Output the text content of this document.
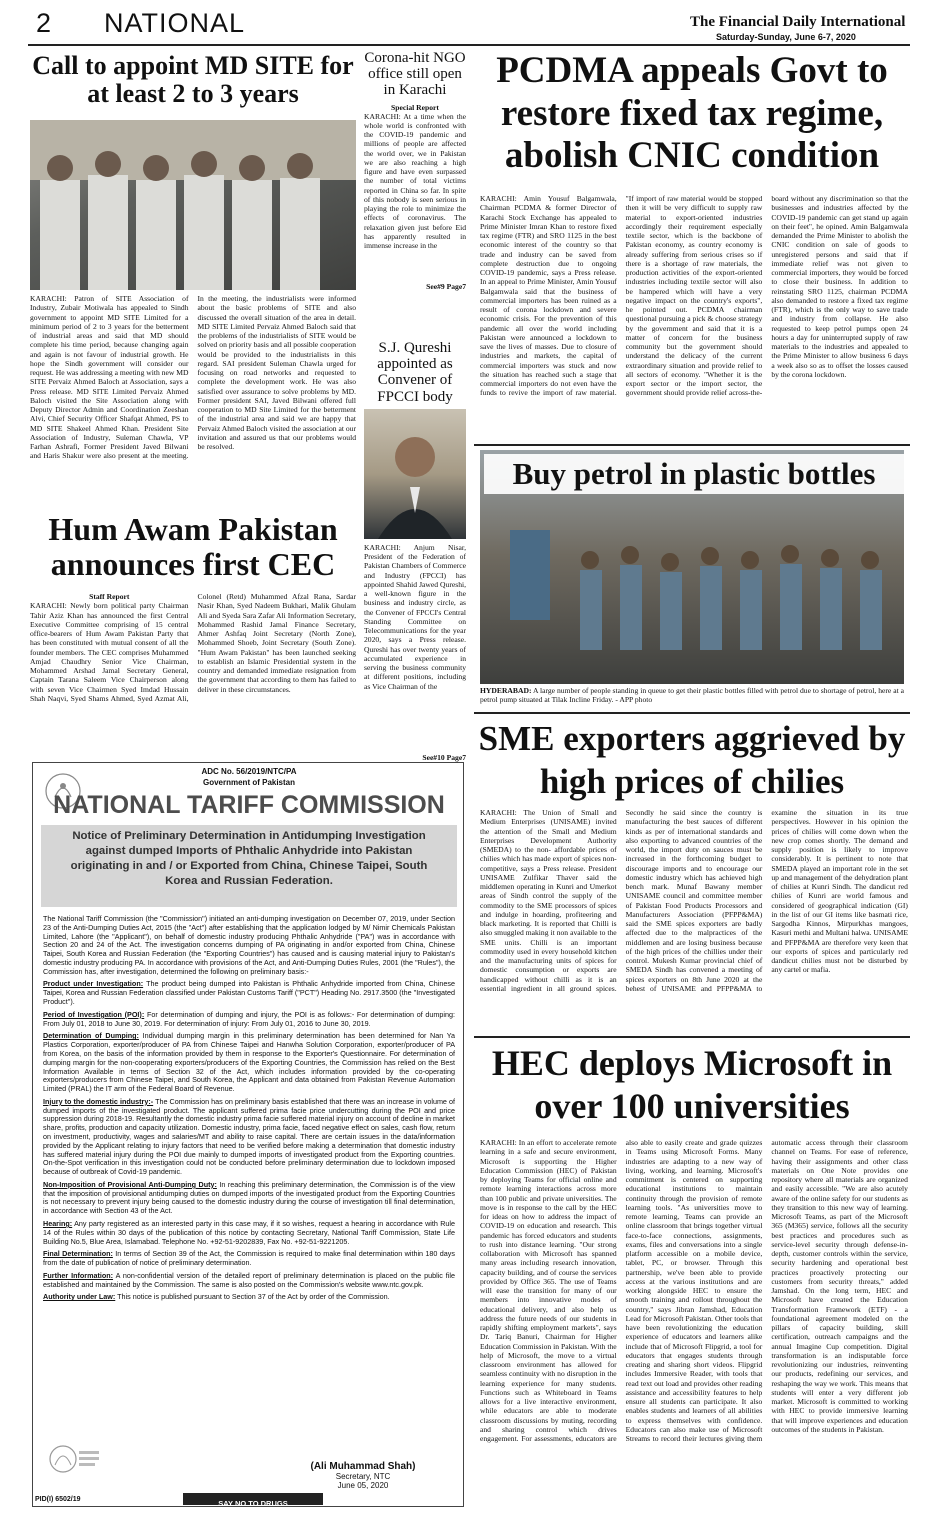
2 NATIONAL	The Financial Daily International
Saturday-Sunday, June 6-7, 2020
Call to appoint MD SITE for at least 2 to 3 years
KARACHI: Patron of SITE Association of Industry, Zubair Motiwala has appealed to Sindh government to appoint MD SITE Limited for a minimum period of 2 to 3 years for the betterment of industrial areas and said that MD should complete his time period, because changing again and again is not favour of industrial growth. He hope the Sindh government will consider our request. He was addressing a meeting with new MD SITE Pervaiz Ahmed Baloch at Association, says a Press release. MD SITE Limited Pervaiz Ahmed Baloch visited the Site Association along with Deputy Director Admin and Coordination Zeeshan Alvi, Chief Security Officer Shafqat Ahmed, PS to MD SITE Shakeel Ahmed Khan. President Site Association of Industry, Suleman Chawla, VP Farhan Ashrafi, Former President Javed Bilwani and Haris Shakur were also present at the meeting. In the meeting, the industrialists were informed about the basic problems of SITE and also discussed the overall situation of the area in detail. MD SITE Limited Pervaiz Ahmed Baloch said that the problems of the industrialists of SITE would be solved on priority basis and all possible cooperation would be provided to the industrialists in this regard. SAI president Suleman Chawla urged for focusing on road networks and requested to complete the development work. He was also satisfied over assurance to solve problems by MD. Former president SAI, Javed Bilwani offered full cooperation to MD Site Limited for the betterment of the industrial area and said we are happy that Pervaiz Ahmed Baloch visited the association at our invitation and assured us that our problems would be resolved.
Corona-hit NGO office still open in Karachi
Special Report
KARACHI: At a time when the whole world is confronted with the COVID-19 pandemic and millions of people are affected the world over, we in Pakistan we are also reaching a high figure and have even surpassed the number of total victims reported in China so far. In spite of this nobody is seen serious in playing the role to minimize the effects of coronavirus. The relaxation given just before Eid has apparently resulted in immense increase in the
See#9 Page7
S.J. Qureshi appointed as Convener of FPCCI body
KARACHI: Anjum Nisar, President of the Federation of Pakistan Chambers of Commerce and Industry (FPCCI) has appointed Shahid Jawed Qureshi, a well-known figure in the business and industry circle, as the Convener of FPCCI's Central Standing Committee on Telecommunications for the year 2020, says a Press release. Qureshi has over twenty years of accumulated experience in serving the business community at different positions, including as Vice Chairman of the
See#10 Page7
Hum Awam Pakistan announces first CEC
Staff Report
KARACHI: Newly born political party Chairman Tahir Aziz Khan has announced the first Central Executive Committee comprising of 15 central office-bearers of Hum Awam Pakistan Party that has been constituted with mutual consent of all the founder members. The CEC comprises Muhammed Amjad Chaudhry Senior Vice Chairman, Mohammed Arshad Jamal Secretary General, Captain Tarana Saleem Vice Chairperson along with seven Vice Chairmen Syed Imdad Hussain Shah Naqvi, Syed Shams Ahmed, Syed Azmat Ali, Colonel (Retd) Muhammed Afzal Rana, Sardar Nasir Khan, Syed Nadeem Bukhari, Malik Ghulam Ali and Syeda Sara Zafar Ali Information Secretary, Mohammed Rashid Jamal Finance Secretary, Ahmer Ashfaq Joint Secretary (North Zone), Mohammed Shoeb, Joint Secretary (South Zone). "Hum Awam Pakistan" has been launched seeking to establish an Islamic Presidential system in the country and demanded immediate resignation from the government that according to them has failed to deliver in these circumstances.
PCDMA appeals Govt to restore fixed tax regime, abolish CNIC condition
KARACHI: Amin Yousuf Balgamwala, Chairman PCDMA & former Director of Karachi Stock Exchange has appealed to Prime Minister Imran Khan to restore fixed tax regime (FTR) and SRO 1125 in the best economic interest of the country so that trade and industry can be saved from complete destruction due to ongoing COVID-19 pandemic, says a Press release. In an appeal to Prime Minister, Amin Yousuf Balgamwala said that the business of commercial importers has been ruined as a result of corona lockdown and severe economic crisis. For the prevention of this pandemic all over the world including Pakistan were announced a lockdown to save the lives of masses. Due to closure of industries and markets, the capital of commercial importers was stuck and now the situation has reached such a stage that commercial importers do not even have the funds to revive the import of raw material. "If import of raw material would be stopped then it will be very difficult to supply raw material to export-oriented industries accordingly their requirement especially textile sector, which is the backbone of Pakistan economy, as country economy is already suffering from serious crises so if there is a shortage of raw materials, the production activities of the export-oriented industries including textile sector will also be hampered which will have a very negative impact on the country's exports", he pointed out. PCDMA chairman questional pursuing a pick & choose strategy by the government and said that it is a matter of concern for the business community but the government should understand the delicacy of the current extraordinary situation and provide relief to all sectors of economy. "Whether it is the export sector or the import sector, the government should provide relief across-the-board without any discrimination so that the businesses and industries affected by the COVID-19 pandemic can get stand up again on their feet", he opined. Amin Balgamwala demanded the Prime Minister to abolish the CNIC condition on sale of goods to unregistered persons and said that if immediate relief was not given to commercial importers, they would be forced to close their business. In addition to reinstating SRO 1125, chairman PCDMA also demanded to restore a fixed tax regime (FTR), which is the only way to save trade and industry from collapse. He also requested to keep petrol pumps open 24 hours a day for uninterrupted supply of raw materials to the industries and appealed to the Prime Minister to allow business 6 days a week also so as to offset the losses caused by the corona lockdown.
Buy petrol in plastic bottles
HYDERABAD: A large number of people standing in queue to get their plastic bottles filled with petrol due to shortage of petrol, here at a petrol pump situated at Tilak Incline Friday. - APP photo
SME exporters aggrieved by high prices of chilies
KARACHI: The Union of Small and Medium Enterprises (UNISAME) invited the attention of the Small and Medium Enterprises Development Authority (SMEDA) to the non- affordable prices of chilies which has made export of spices non-competitive, says a Press release. President UNISAME Zulfikar Thaver said the middlemen operating in Kunri and Umerkot areas of Sindh control the supply of the commodity to the SME processors of spices and indulge in hoarding, profiteering and black marketing. It is reported that Chilli is also smuggled making it non available to the SME units. Chilli is an important commodity used in every household kitchen and the manufacturing units of spices for domestic consumption or exports are handicapped without chilli as it is an essential ingredient in all ground spices. Secondly he said since the country is manufacturing the best sauces of different kinds as per of international standards and also exporting to advanced countries of the world, the import duty on sauces must be increased in the forthcoming budget to discourage imports and to encourage our domestic industry which has achieved high bench mark. Munaf Bawany member UNISAME council and committee member of Pakistan Food Products Processors and Manufacturers Association (PFPP&MA) said the SME spices exporters are badly affected due to the malpractices of the middlemen and are losing business because of the high prices of the chillies under their control. Mukesh Kumar provincial chief of SMEDA Sindh has convened a meeting of spices exporters on 8th June 2020 at the behest of UNISAME and PFPP&MA to examine the situation in its true perspectives. However in his opinion the prices of chilies will come down when the new crop comes shortly. The demand and supply position is likely to improve considerably. It is pertinent to note that SMEDA played an important role in the set up and management of the dehydration plant of chilies at Kunri Sindh. The dandicut red chilies of Kunri are world famous and considered of geographical indication (GI) in the list of our GI items like basmati rice, Sargodha Kinnos, Mirpurkhas mangoes, Kasuri methi and Multani halwa. UNISAME and PFPP&MA are therefore very keen that our exports of spices and particularly red dandicut chilies must not be disturbed by any cartel or mafia.
HEC deploys Microsoft in over 100 universities
KARACHI: In an effort to accelerate remote learning in a safe and secure environment, Microsoft is supporting the Higher Education Commission (HEC) of Pakistan by deploying Teams for official online and remote learning interactions across more than 100 public and private universities. The move is in response to the call by the HEC for ideas on how to address the impact of COVID-19 on education and research. This pandemic has forced educators and students to rush into distance learning. "Our strong collaboration with Microsoft has spanned many areas including research innovation, capacity building, and of course the services provided by Office 365. The use of Teams will ease the transition for many of our members into innovative modes of educational delivery, and also help us address the future needs of our students in rapidly shifting employment markets", says Dr. Tariq Banuri, Chairman for Higher Education Commission in Pakistan. With the help of Microsoft, the move to a virtual classroom environment has allowed for seamless continuity with no disruption in the learning experience for many students. Functions such as Whiteboard in Teams allows for a live interactive environment, while educators are able to moderate classroom discussions by muting, recording and sharing control which drives engagement. For assessments, educators are also able to easily create and grade quizzes in Teams using Microsoft Forms. Many industries are adapting to a new way of living, working, and learning. Microsoft's commitment is centered on supporting educational institutions to maintain continuity through the provision of remote learning tools. "As universities move to remote learning, Teams can provide an online classroom that brings together virtual face-to-face connections, assignments, exams, files and conversations into a single platform accessible on a mobile device, tablet, PC, or browser. Through this partnership, we've been able to provide access at the various institutions and are working alongside HEC to ensure the smooth training and rollout throughout the country," says Jibran Jamshad, Education Lead for Microsoft Pakistan. Other tools that have been revolutionizing the education experience of educators and learners alike include that of Microsoft Flipgrid, a tool for educators that engages students through creating and sharing short videos. Flipgrid includes Immersive Reader, with tools that read text out load and provides other reading assistance and accessibility features to help ensure all students can participate. It also enables students and learners of all abilities to express themselves with confidence. Educators can also make use of Microsoft Streams to record their lectures giving them automatic access through their classroom channel on Teams. For ease of reference, having their assignments and other class materials on One Note provides one repository where all materials are organized and easily accessible. "We are also acutely aware of the online safety for our students as they transition to this new way of learning. Microsoft Teams, as part of the Microsoft 365 (M365) service, follows all the security best practices and procedures such as service-level security through defense-in-depth, customer controls within the service, security hardening and operational best practices proactively protecting our customers from security threats," added Jamshad. On the long term, HEC and Microsoft have created the Education Transformation Framework (ETF) - a foundational agreement modeled on the pillars of capacity building, skill certification, outreach campaigns and the annual Imagine Cup competition. Digital transformation is an indisputable force revolutionizing our industries, reinventing our products, redefining our services, and reshaping the way we work. This means that students will enter a very different job market. Microsoft is committed to working with HEC to provide immersive learning that will improve experiences and education outcomes of the students in Pakistan.
ADC No. 56/2019/NTC/PA
Government of Pakistan
NATIONAL TARIFF COMMISSION
Notice of Preliminary Determination in Antidumping Investigation against dumped Imports of Phthalic Anhydride into Pakistan originating in and / or Exported from China, Chinese Taipei, South Korea and Russian Federation.

The National Tariff Commission (the "Commission") initiated an anti-dumping investigation on December 07, 2019, under Section 23 of the Anti-Dumping Duties Act, 2015 (the "Act") after establishing that the application lodged by M/ Nimir Chemicals Pakistan Limited, Lahore (the "Applicant"), on behalf of domestic industry producing Phthalic Anhydride ("PA") was in accordance with Section 20 and 24 of the Act. The investigation concerns dumping of PA originating in and/or exported from China, Chinese Taipei, South Korea and Russian Federation (the "Exporting Countries") has caused and is causing material injury to Pakistan's domestic industry producing PA. In accordance with provisions of the Act, and Anti-Dumping Duties Rules, 2001 (the "Rules"), the Commission has, after investigation, determined the following on preliminary basis:-

Product under Investigation: The product being dumped into Pakistan is Phthalic Anhydride imported from China, Chinese Taipei, Korea and Russian Federation classified under Pakistan Customs Tariff ("PCT") Heading No. 2917.3500 (the "Investigated Product").

Period of Investigation (POI): For determination of dumping and injury, the POI is as follows:- For determination of dumping: From July 01, 2018 to June 30, 2019. For determination of injury: From July 01, 2016 to June 30, 2019.

Determination of Dumping: Individual dumping margin in this preliminary determination has been determined for Nan Ya Plastics Corporation, exporter/producer of PA from Chinese Taipei and Hanwha Solution Corporation, exporter/producer of PA from Korea, on the basis of the information provided by them in response to the Exporter's Questionnaire. For determination of dumping margin for the non-cooperating exporters/producers of the Exporting Countries, the Commission has relied on the Best Information Available in terms of Section 32 of the Act, which includes information provided by the co-operating exporters/producers from Chinese Taipei, and South Korea, the Applicant and data obtained from Pakistan Revenue Automation Limited (PRAL) the IT arm of the Federal Board of Revenue.

Injury to the domestic industry:- The Commission has on preliminary basis established that there was an increase in volume of dumped imports of the investigated product. The applicant suffered prima facie price undercutting during the POI and price suppression during 2018-19. Resultantly the domestic industry prima facie suffered material injury on account of decline in market share, profits, production and capacity utilization. Domestic industry, prima facie, faced negative effect on sales, cash flow, return on investment, productivity, wages and salaries/MT and ability to raise capital. There are certain issues in the data/information provided by the Applicant relating to injury factors that need to be verified before making a determination that domestic industry has suffered material injury during the POI due mainly to dumped imports of investigated product from the Exporting countries. On-the-Spot verification in this investigation could not be conducted before preliminary determination due to lockdown imposed because of outbreak of Covid-19 pandemic.

Non-Imposition of Provisional Anti-Dumping Duty: In reaching this preliminary determination, the Commission is of the view that the imposition of provisional antidumping duties on dumped imports of the investigated product from the Exporting Countries is not necessary to prevent injury being caused to the domestic industry during the course of investigation till final determination, in accordance with Section 43 of the Act.

Hearing: Any party registered as an interested party in this case may, if it so wishes, request a hearing in accordance with Rule 14 of the Rules within 30 days of the publication of this notice by contacting Secretary, National Tariff Commission, State Life Building No.5, Blue Area, Islamabad. Telephone No. +92-51-9202839, Fax No. +92-51-9221205.

Final Determination: In terms of Section 39 of the Act, the Commission is required to make final determination within 180 days from the date of publication of notice of preliminary determination.

Further Information: A non-confidential version of the detailed report of preliminary determination is placed on the public file established and maintained by the Commission. The same is also posted on the Commission's website www.ntc.gov.pk.

Authority under Law: This notice is published pursuant to Section 37 of the Act by order of the Commission.

(Ali Muhammad Shah)
Secretary, NTC
June 05, 2020
PID(I) 6502/19	SAY NO TO DRUGS
